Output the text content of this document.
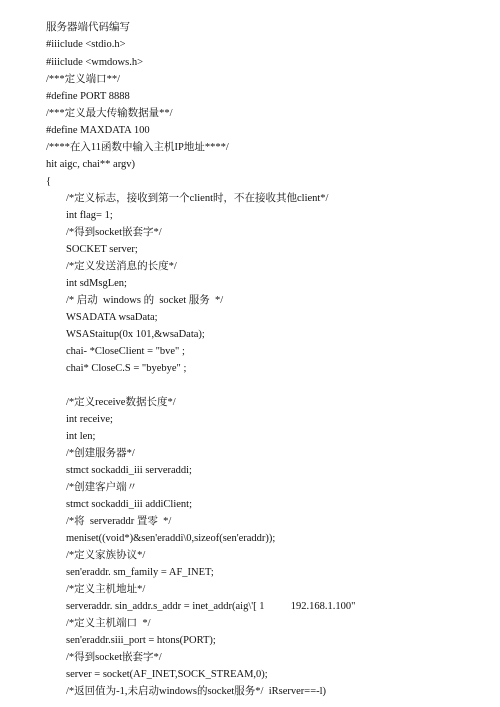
服务器端代码编写
#iiiclude <stdio.h>
#iiiclude <wmdows.h>
/***定义端口**/
#define PORT 8888
/***定义最大传输数据量**/
#define MAXDATA 100
/****在入11函数中输入主机IP地址****/
hit aigc, chai** argv)
{
/*定义标志，接收到第一个client时，不在接收其他client*/
int flag= 1;
/*得到socket嵌套字*/
SOCKET server;
/*定义发送消息的长度*/
int sdMsgLen;
/* 启动  windows 的  socket 服务  */
WSADATA wsaData;
WSAStaitup(0x 101,&wsaData);
chai- *CloseClient = "bve" ;
chai* CloseC.S = "byebye" ;
/*定义receive数据长度*/
int receive;
int len;
/*创建服务器*/
stmct sockaddi_iii serveraddi;
/*创建客户端〃
stmct sockaddi_iii addiClient;
/*将  serveraddr 置零  */
meniset((void*)&sen'eraddi\0,sizeof(sen'eraddr));
/*定义家族协议*/
sen'eraddr. sm_family = AF_INET;
/*定义主机地址*/
serveraddr. sin_addr.s_addr = inet_addr(aig\'[ 1          192.168.1.100"
/*定义主机端口  */
sen'eraddr.siii_port = htons(PORT);
/*得到socket嵌套字*/
server = socket(AF_INET,SOCK_STREAM,0);
/*返回值为-1,未启动windows的socket服务*/  iRserver==-l)
